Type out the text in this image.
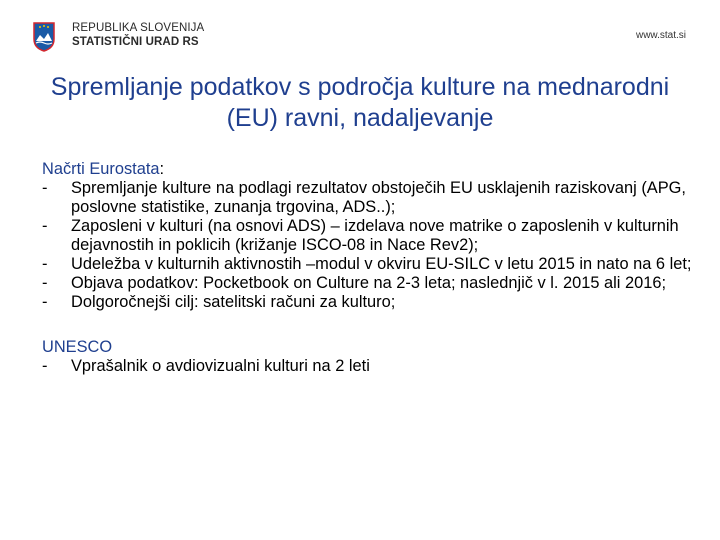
REPUBLIKA SLOVENIJA
STATISTIČNI URAD RS
www.stat.si
Spremljanje podatkov s področja kulture na mednarodni (EU) ravni, nadaljevanje
Načrti Eurostata:
-	Spremljanje kulture na podlagi rezultatov obstoječih EU usklajenih raziskovanj (APG, poslovne statistike, zunanja trgovina, ADS..);
-	Zaposleni v kulturi (na osnovi ADS) – izdelava nove matrike o zaposlenih v kulturnih dejavnostih in poklicih (križanje ISCO-08 in Nace Rev2);
-	Udeležba v kulturnih aktivnostih –modul v okviru EU-SILC v letu 2015 in nato na 6 let;
-	Objava podatkov: Pocketbook on Culture na 2-3 leta; naslednjič v l. 2015 ali 2016;
-	Dolgoročnejši cilj: satelitski računi za kulturo;
UNESCO
-	Vprašalnik o avdiovizualni kulturi na 2 leti
